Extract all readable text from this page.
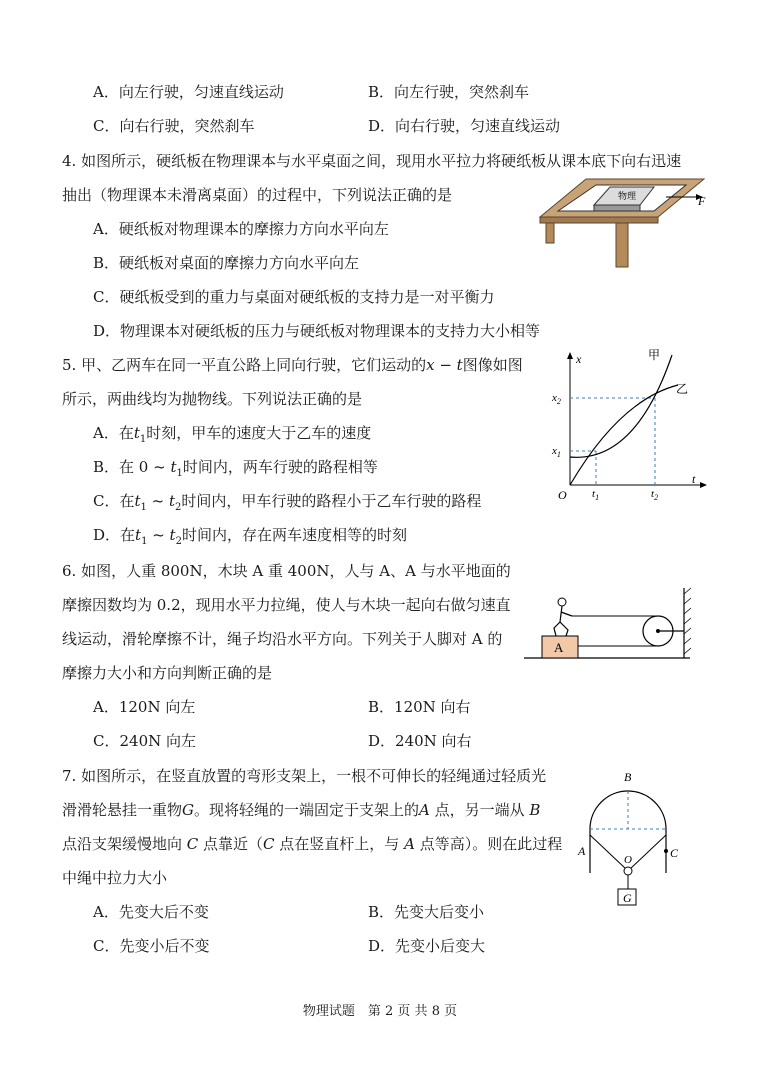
A．向左行驶，匀速直线运动	B．向左行驶，突然刹车
C．向右行驶，突然刹车	D．向右行驶，匀速直线运动
4. 如图所示，硬纸板在物理课本与水平桌面之间，现用水平拉力将硬纸板从课本底下向右迅速
抽出（物理课本未滑离桌面）的过程中，下列说法正确的是
A．硬纸板对物理课本的摩擦力方向水平向左
B．硬纸板对桌面的摩擦力方向水平向左
C．硬纸板受到的重力与桌面对硬纸板的支持力是一对平衡力
D．物理课本对硬纸板的压力与硬纸板对物理课本的支持力大小相等
物理	F
5. 甲、乙两车在同一平直公路上同向行驶，它们运动的x − t图像如图
所示，两曲线均为抛物线。下列说法正确的是
A．在$t_1$时刻，甲车的速度大于乙车的速度
B．在 0 ~ $t_1$时间内，两车行驶的路程相等
C．在$t_1$ ~ $t_2$时间内，甲车行驶的路程小于乙车行驶的路程
D．在$t_1$ ~ $t_2$时间内，存在两车速度相等的时刻
t
x
O
甲
乙
$x_2$
$x_1$
$t_1$	$t_2$
6. 如图，人重 800N，木块 A 重 400N，人与 A、A 与水平地面的
摩擦因数均为 0.2，现用水平力拉绳，使人与木块一起向右做匀速直
线运动，滑轮摩擦不计，绳子均沿水平方向。下列关于人脚对 A 的
摩擦力大小和方向判断正确的是
A．120N 向左	B．120N 向右
C．240N 向左	D．240N 向右
A
7. 如图所示，在竖直放置的弯形支架上，一根不可伸长的轻绳通过轻质光
滑滑轮悬挂一重物G。现将轻绳的一端固定于支架上的A 点，另一端从 B
点沿支架缓慢地向 C 点靠近（C 点在竖直杆上，与 A 点等高）。则在此过程
中绳中拉力大小
A．先变大后不变	B．先变大后变小
C．先变小后不变	D．先变小后变大
B
A	C
O
G
物理试题　第 2 页 共 8 页
